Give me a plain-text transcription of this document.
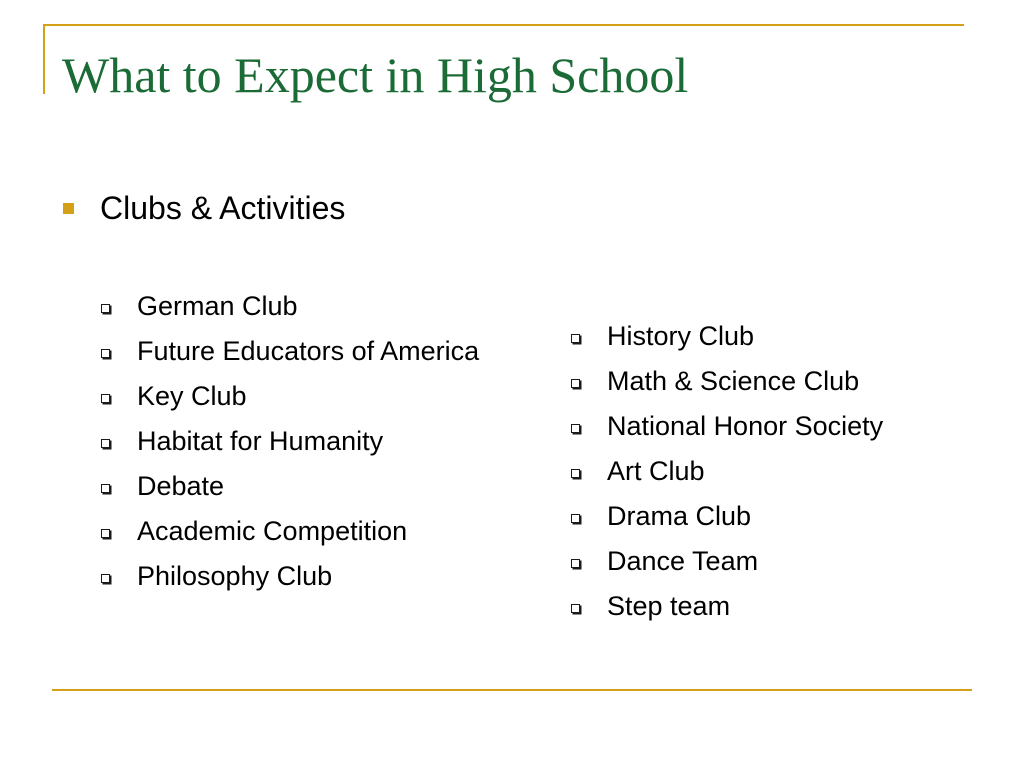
What to Expect in High School
Clubs & Activities
German Club
Future Educators of America
Key Club
Habitat for Humanity
Debate
Academic Competition
Philosophy Club
History Club
Math & Science Club
National Honor Society
Art Club
Drama Club
Dance Team
Step team
